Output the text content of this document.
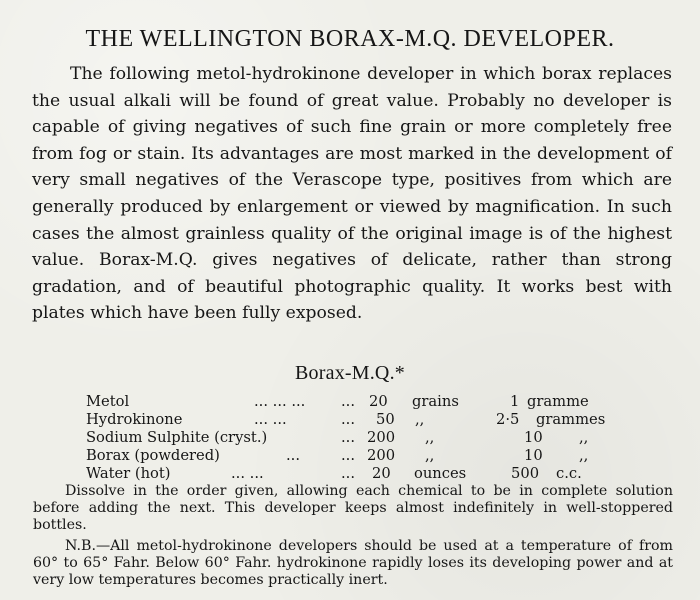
THE WELLINGTON BORAX-M.Q. DEVELOPER.

The following metol-hydrokinone developer in which borax replaces the usual alkali will be found of great value. Probably no developer is capable of giving negatives of such fine grain or more completely free from fog or stain. Its advantages are most marked in the development of very small negatives of the Verascope type, positives from which are generally produced by enlargement or viewed by magnification. In such cases the almost grainless quality of the original image is of the highest value. Borax-M.Q. gives negatives of delicate, rather than strong gradation, and of beautiful photographic quality. It works best with plates which have been fully exposed.

Borax-M.Q.*
Metol	... ... ... ... 20 grains	1 gramme
Hydrokinone	... ...	... 50 ,,	2·5 grammes
Sodium Sulphite (cryst.)	... 200 ,,	10 ,,
Borax (powdered)	...	... 200 ,,	10 ,,
Water (hot)	... ...	... 20 ounces	500 c.c.

Dissolve in the order given, allowing each chemical to be in complete solution before adding the next. This developer keeps almost indefinitely in well-stoppered bottles.

N.B.—All metol-hydrokinone developers should be used at a temperature of from 60° to 65° Fahr. Below 60° Fahr. hydrokinone rapidly loses its developing power and at very low temperatures becomes practically inert.
